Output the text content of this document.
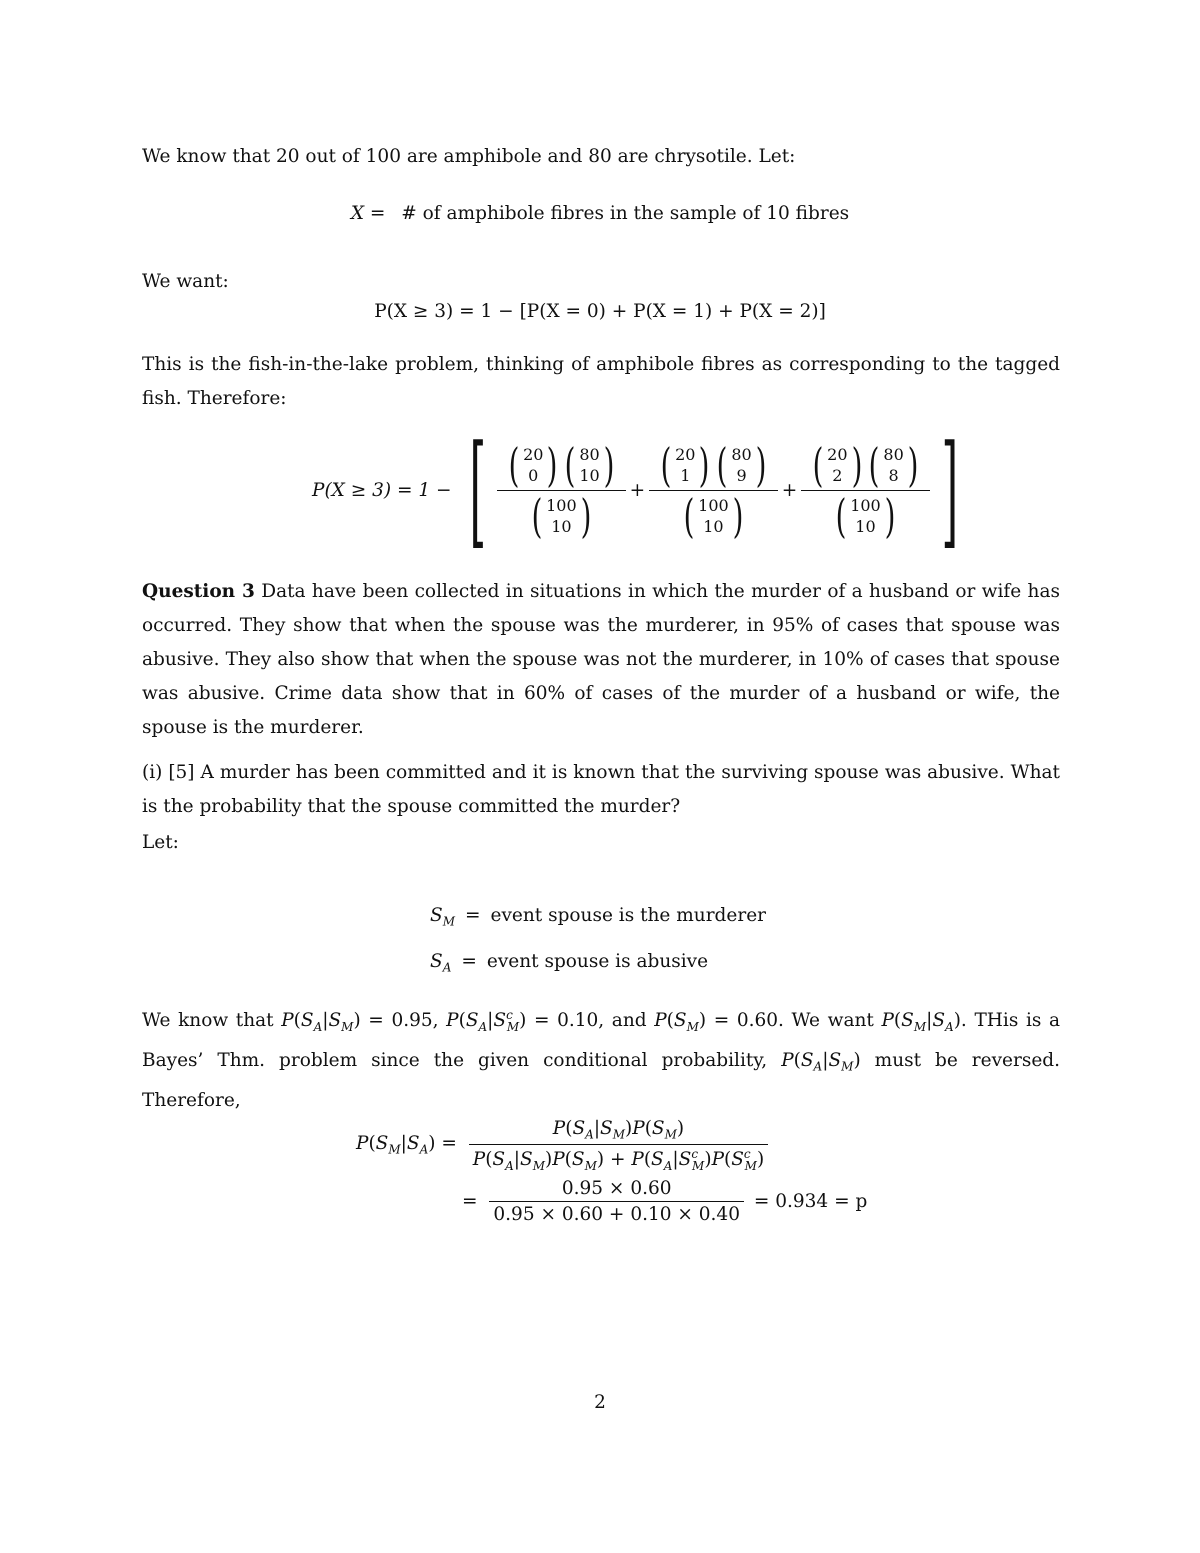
We know that 20 out of 100 are amphibole and 80 are chrysotile. Let:
X = # of amphibole fibres in the sample of 10 fibres
We want:
P(X ≥ 3) = 1 − [P(X = 0) + P(X = 1) + P(X = 2)]
This is the fish-in-the-lake problem, thinking of amphibole fibres as corresponding to the tagged fish. Therefore:
P(X ≥ 3) = 1 − [ ( 20
0 ) ( 80
10 )
( 100
10 ) + ( 20
1 ) ( 80
9 )
( 100
10 ) + ( 20
2 ) ( 80
8 )
( 100
10 ) ]
Question 3 Data have been collected in situations in which the murder of a husband or wife has occurred. They show that when the spouse was the murderer, in 95% of cases that spouse was abusive. They also show that when the spouse was not the murderer, in 10% of cases that spouse was abusive. Crime data show that in 60% of cases of the murder of a husband or wife, the spouse is the murderer.
(i) [5] A murder has been committed and it is known that the surviving spouse was abusive. What is the probability that the spouse committed the murder?
Let:
$S_M$ = event spouse is the murderer
$S_A$ = event spouse is abusive
We know that $P(S_A|S_M) = 0.95$, $P(S_A|S^c_M) = 0.10$, and $P(S_M) = 0.60$. We want $P(S_M|S_A)$. THis is a Bayes’ Thm. problem since the given conditional probability, $P(S_A|S_M)$ must be reversed. Therefore,
$P(S_M|S_A) = \frac{P(S_A|S_M)P(S_M)}{P(S_A|S_M)P(S_M) + P(S_A|S^c_M)P(S^c_M)}$
= $\frac{0.95 \times 0.60}{0.95 \times 0.60 + 0.10 \times 0.40} = 0.934 = p$
2
